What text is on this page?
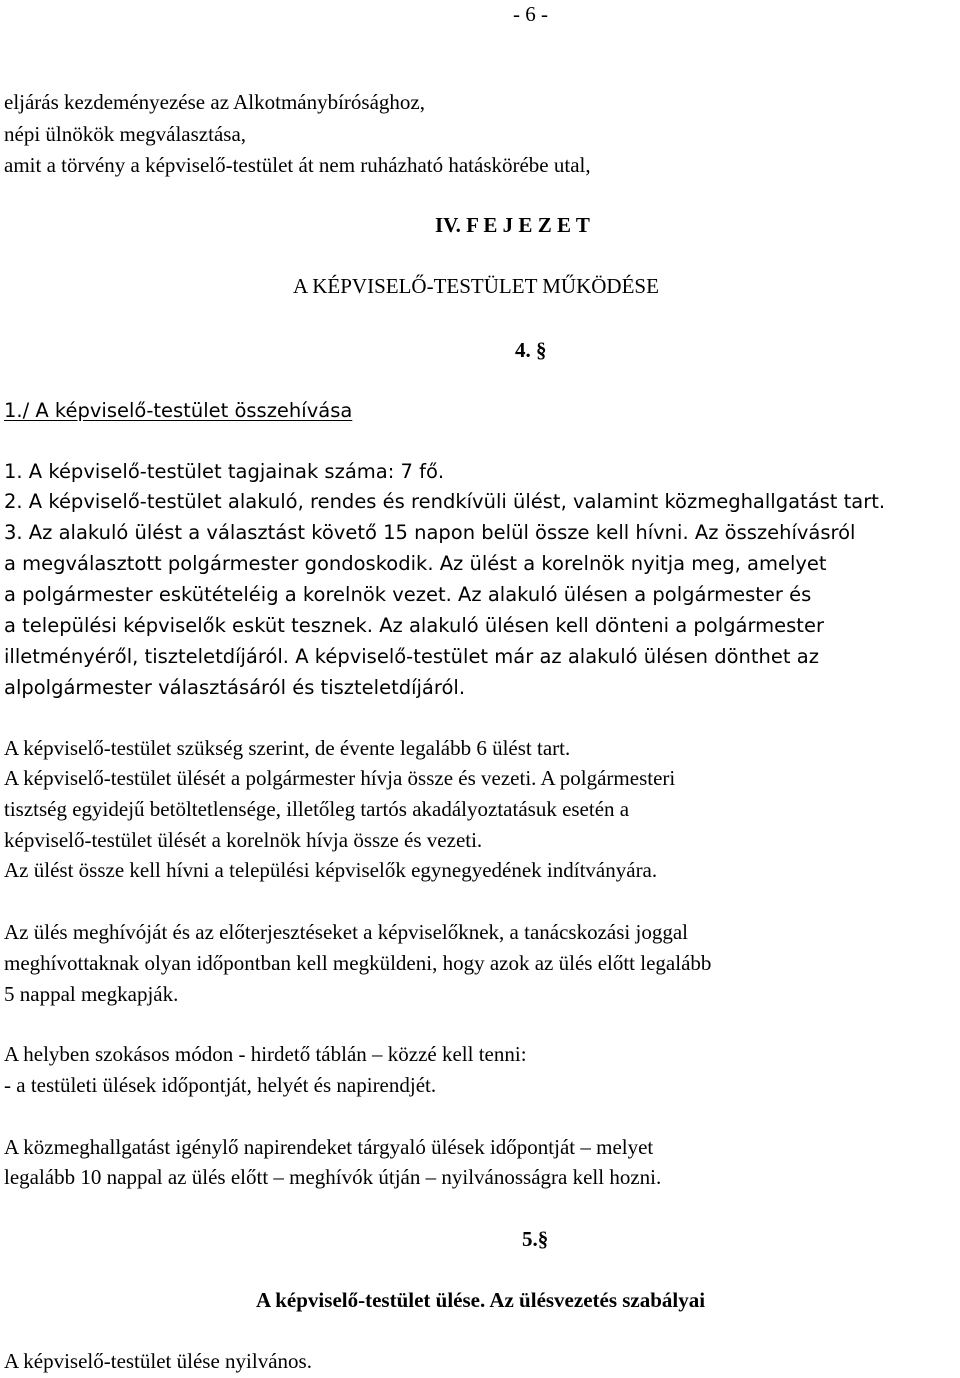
- 6 -
eljárás kezdeményezése az Alkotmánybírósághoz,
népi ülnökök megválasztása,
amit a törvény a képviselő-testület át nem ruházható hatáskörébe utal,
IV. F E J E Z E T
A KÉPVISELŐ-TESTÜLET MŰKÖDÉSE
4. §
1./ A képviselő-testület összehívása
1. A képviselő-testület tagjainak száma: 7 fő.
2. A képviselő-testület alakuló, rendes és rendkívüli ülést, valamint közmeghallgatást tart.
3. Az alakuló ülést a választást követő 15 napon belül össze kell hívni. Az összehívásról
a megválasztott polgármester gondoskodik. Az ülést a korelnök nyitja meg, amelyet
a polgármester eskütételéig a korelnök vezet. Az alakuló ülésen a polgármester és
a települési képviselők esküt tesznek. Az alakuló ülésen kell dönteni a polgármester
illetményéről, tiszteletdíjáról. A képviselő-testület már az alakuló ülésen dönthet az
alpolgármester választásáról és tiszteletdíjáról.
A képviselő-testület szükség szerint, de évente legalább 6 ülést tart.
A képviselő-testület ülését a polgármester hívja össze és vezeti. A polgármesteri
tisztség egyidejű betöltetlensége, illetőleg tartós akadályoztatásuk esetén a
képviselő-testület ülését a korelnök hívja össze és vezeti.
Az ülést össze kell hívni a települési képviselők egynegyedének indítványára.
Az ülés meghívóját és az előterjesztéseket a képviselőknek, a tanácskozási joggal
meghívottaknak olyan időpontban kell megküldeni, hogy azok az ülés előtt legalább
5 nappal megkapják.
A helyben szokásos módon - hirdető táblán – közzé kell tenni:
- a testületi ülések időpontját, helyét és napirendjét.
A közmeghallgatást igénylő napirendeket tárgyaló ülések időpontját – melyet
legalább 10 nappal az ülés előtt – meghívók útján – nyilvánosságra kell hozni.
5.§
A képviselő-testület ülése. Az ülésvezetés szabályai
A képviselő-testület ülése nyilvános.
